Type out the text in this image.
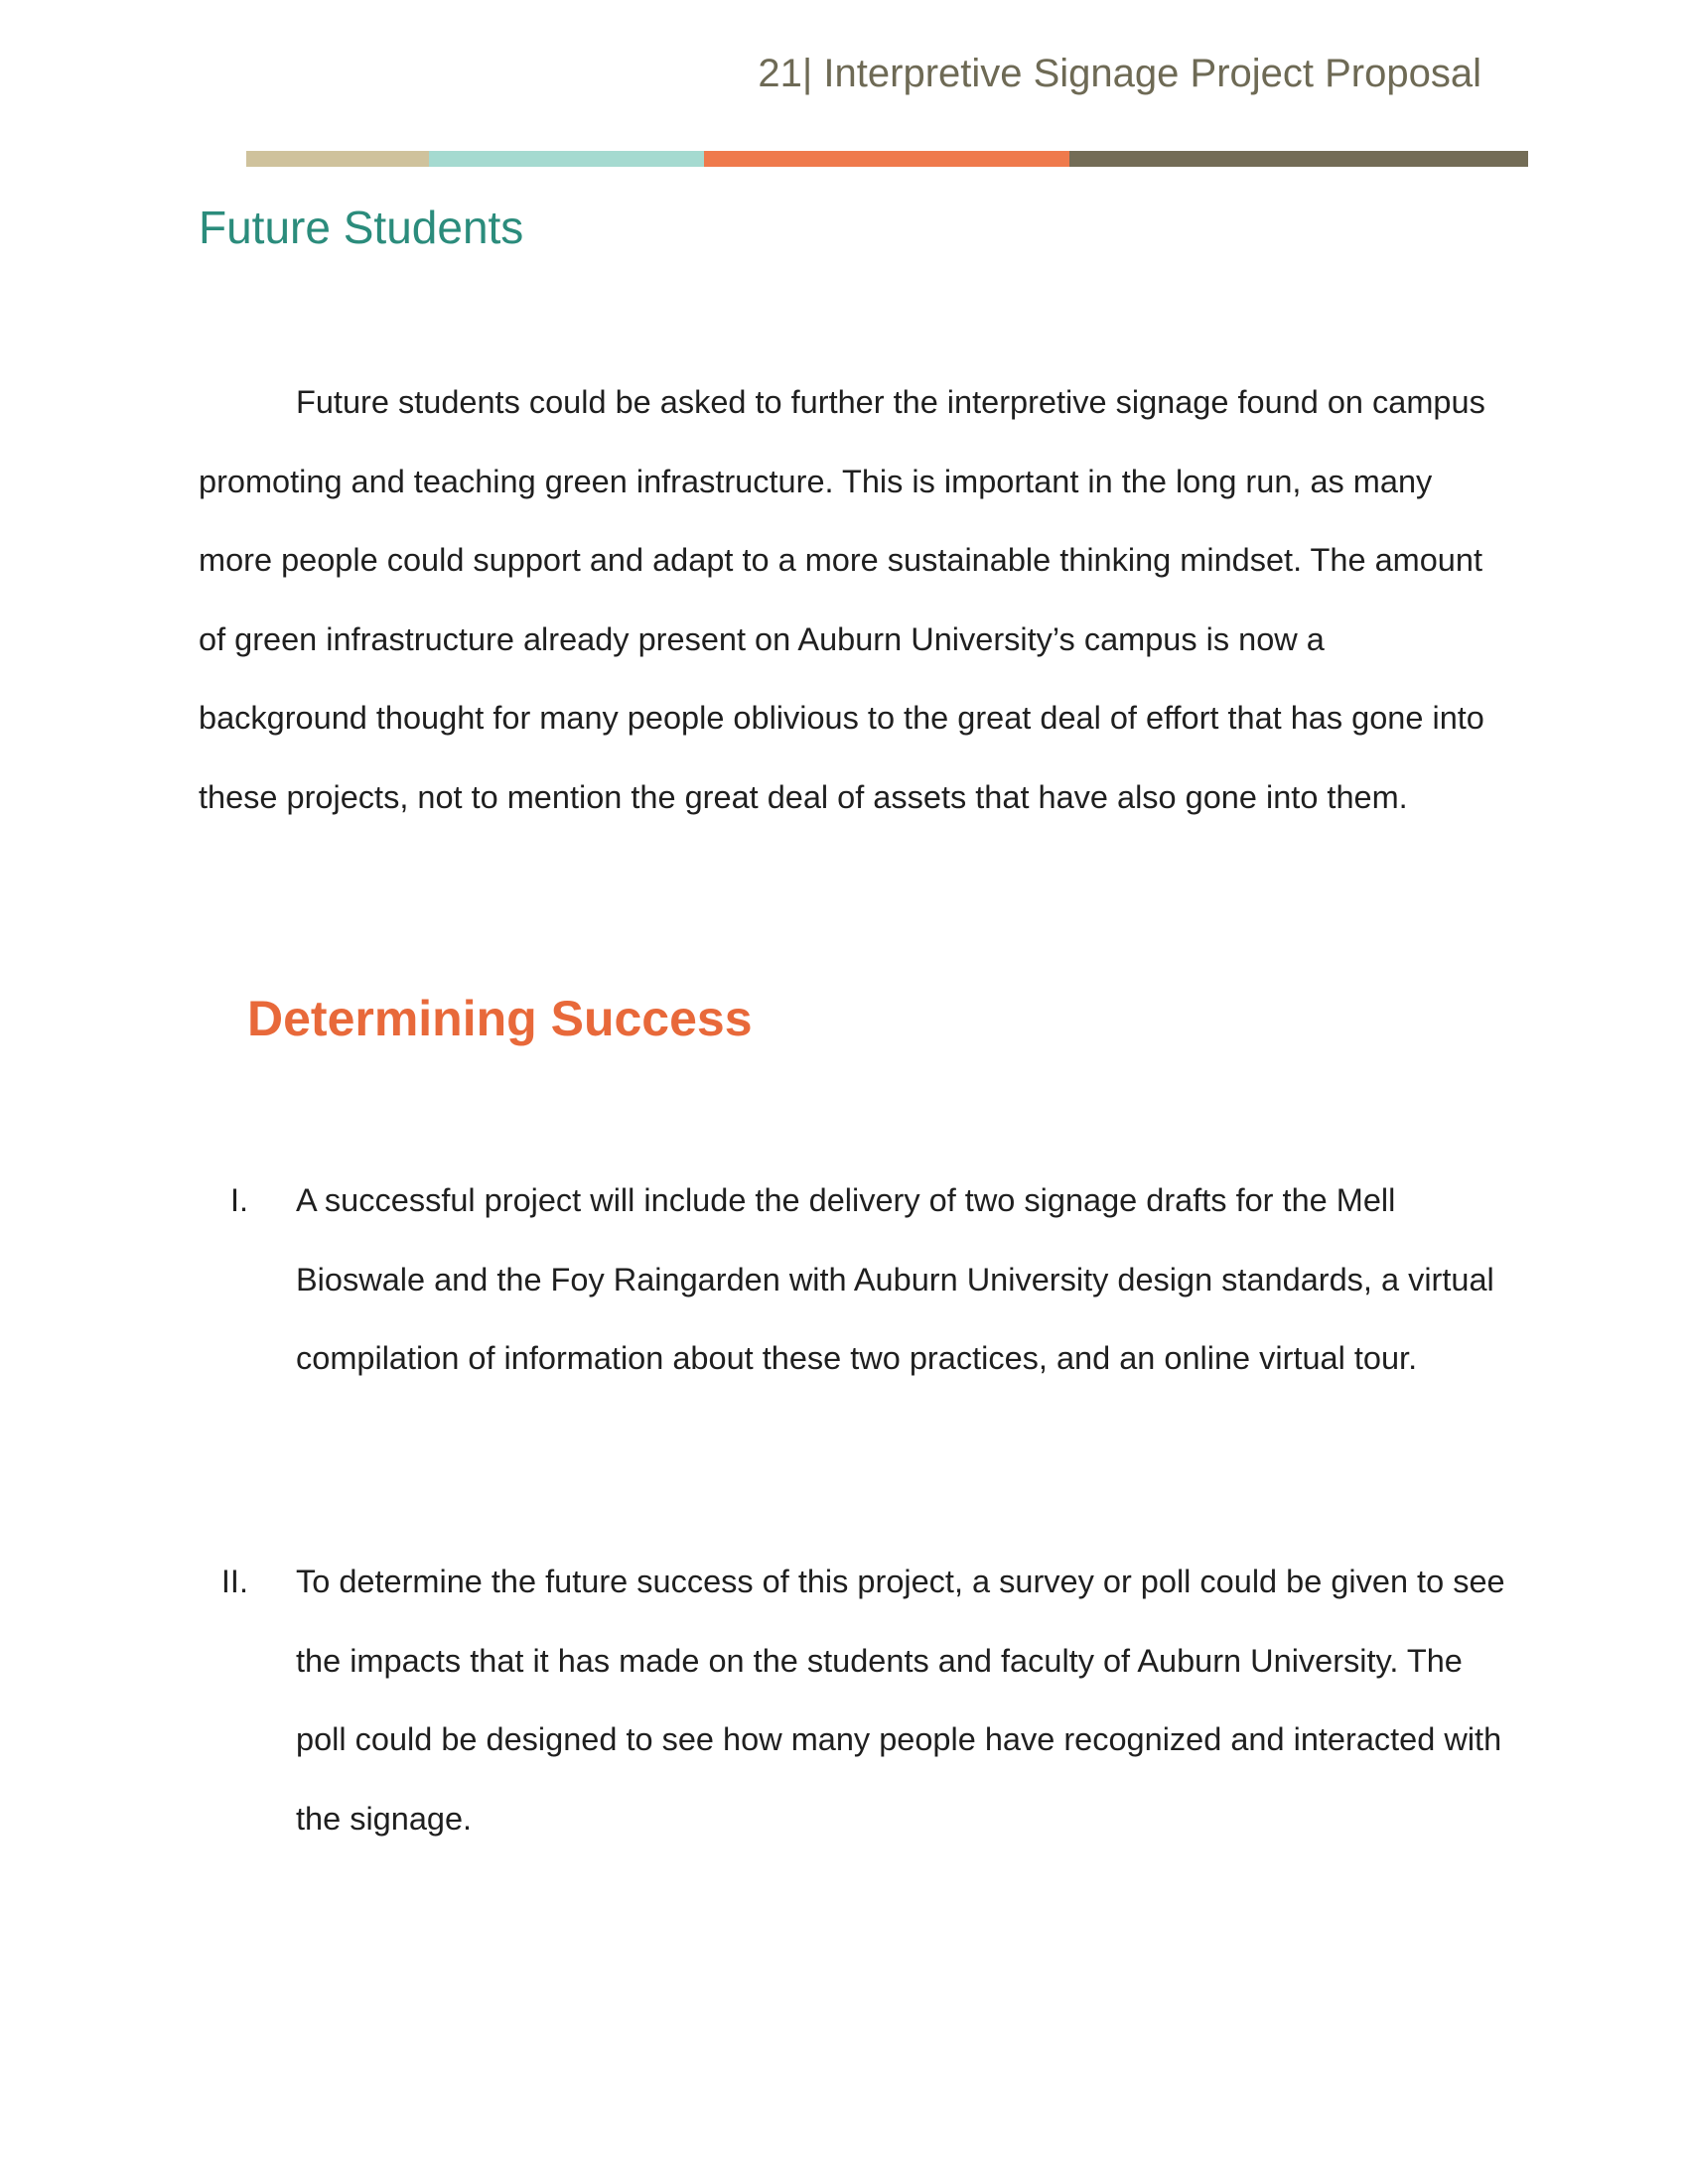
21| Interpretive Signage Project Proposal
Future Students

Future students could be asked to further the interpretive signage found on campus promoting and teaching green infrastructure. This is important in the long run, as many more people could support and adapt to a more sustainable thinking mindset. The amount of green infrastructure already present on Auburn University’s campus is now a background thought for many people oblivious to the great deal of effort that has gone into these projects, not to mention the great deal of assets that have also gone into them.

Determining Success
I. A successful project will include the delivery of two signage drafts for the Mell Bioswale and the Foy Raingarden with Auburn University design standards, a virtual compilation of information about these two practices, and an online virtual tour.
II. To determine the future success of this project, a survey or poll could be given to see the impacts that it has made on the students and faculty of Auburn University. The poll could be designed to see how many people have recognized and interacted with the signage.
